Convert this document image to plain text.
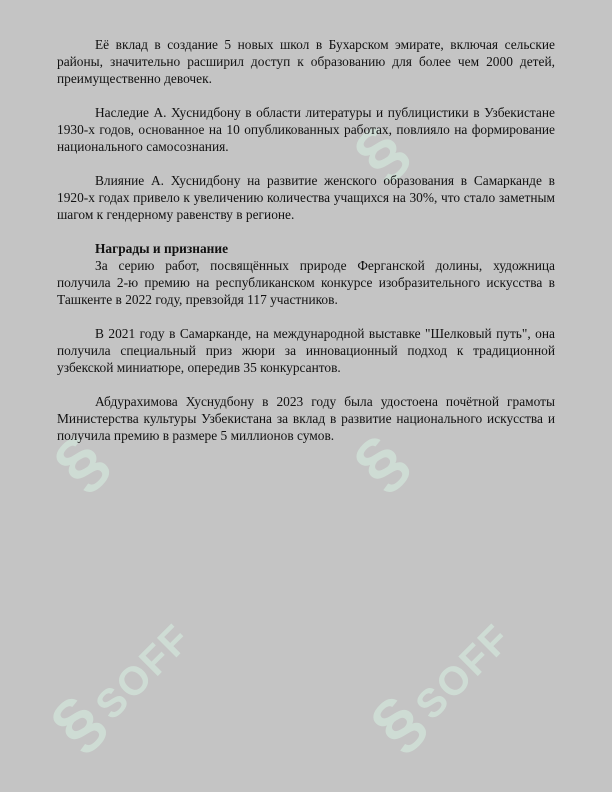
§
§
§
§SOFF §SOFF

Её вклад в создание 5 новых школ в Бухарском эмирате, включая сельские районы, значительно расширил доступ к образованию для более чем 2000 детей, преимущественно девочек.

Наследие А. Хуснидбону в области литературы и публицистики в Узбекистане 1930-х годов, основанное на 10 опубликованных работах, повлияло на формирование национального самосознания.

Влияние А. Хуснидбону на развитие женского образования в Самарканде в 1920-х годах привело к увеличению количества учащихся на 30%, что стало заметным шагом к гендерному равенству в регионе.

Награды и признание

За серию работ, посвящённых природе Ферганской долины, художница получила 2-ю премию на республиканском конкурсе изобразительного искусства в Ташкенте в 2022 году, превзойдя 117 участников.

В 2021 году в Самарканде, на международной выставке "Шелковый путь", она получила специальный приз жюри за инновационный подход к традиционной узбекской миниатюре, опередив 35 конкурсантов.

Абдурахимова Хуснудбону в 2023 году была удостоена почётной грамоты Министерства культуры Узбекистана за вклад в развитие национального искусства и получила премию в размере 5 миллионов сумов.
